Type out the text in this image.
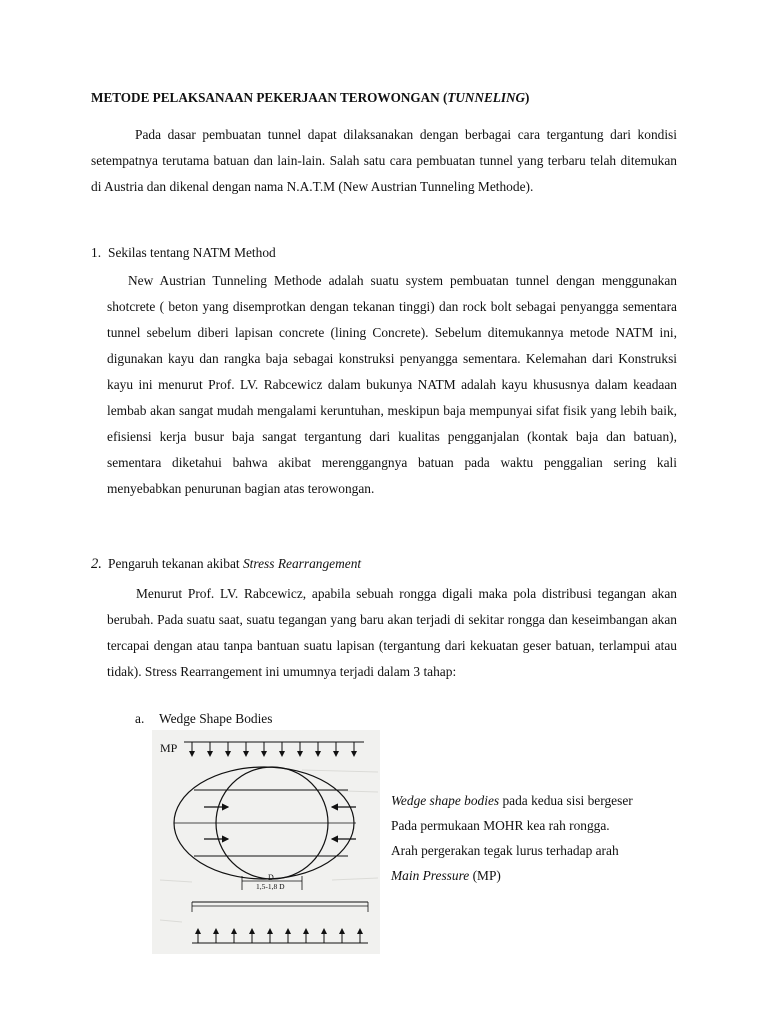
METODE PELAKSANAAN PEKERJAAN TEROWONGAN (TUNNELING)
Pada dasar pembuatan tunnel dapat dilaksanakan dengan berbagai cara tergantung dari kondisi setempatnya terutama batuan dan lain-lain. Salah satu cara pembuatan tunnel yang terbaru telah ditemukan di Austria dan dikenal dengan nama N.A.T.M (New Austrian Tunneling Methode).
1. Sekilas tentang NATM Method
New Austrian Tunneling Methode adalah suatu system pembuatan tunnel dengan menggunakan shotcrete ( beton yang disemprotkan dengan tekanan tinggi) dan rock bolt sebagai penyangga sementara tunnel sebelum diberi lapisan concrete (lining Concrete). Sebelum ditemukannya metode NATM ini, digunakan kayu dan rangka baja sebagai konstruksi penyangga sementara. Kelemahan dari Konstruksi kayu ini menurut Prof. LV. Rabcewicz dalam bukunya NATM adalah kayu khususnya dalam keadaan lembab akan sangat mudah mengalami keruntuhan, meskipun baja mempunyai sifat fisik yang lebih baik, efisiensi kerja busur baja sangat tergantung dari kualitas pengganjalan (kontak baja dan batuan), sementara diketahui bahwa akibat merenggangnya batuan pada waktu penggalian sering kali menyebabkan penurunan bagian atas terowongan.
2. Pengaruh tekanan akibat Stress Rearrangement
Menurut Prof. LV. Rabcewicz, apabila sebuah rongga digali maka pola distribusi tegangan akan berubah. Pada suatu saat, suatu tegangan yang baru akan terjadi di sekitar rongga dan keseimbangan akan tercapai dengan atau tanpa bantuan suatu lapisan (tergantung dari kekuatan geser batuan, terlampui atau tidak). Stress Rearrangement ini umumnya terjadi dalam 3 tahap:
a. Wedge Shape Bodies
MP
D
1,5-1,8 D
Wedge shape bodies pada kedua sisi bergeser
Pada permukaan MOHR kea rah rongga.
Arah pergerakan tegak lurus terhadap arah
Main Pressure (MP)
